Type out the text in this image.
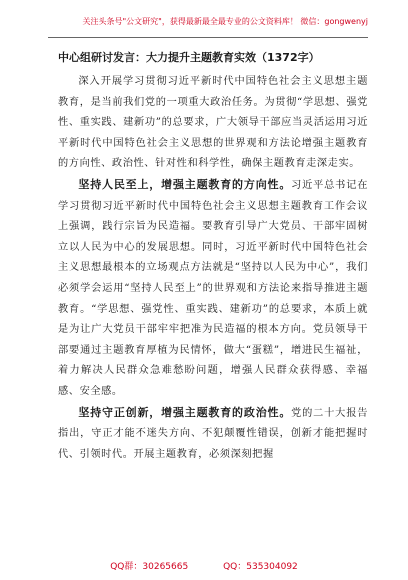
关注头条号"公文研究"，获得最新最全最专业的公文资料库！ 微信：gongwenyj
中心组研讨发言：大力提升主题教育实效（1372字）

深入开展学习贯彻习近平新时代中国特色社会主义思想主题教育，是当前我们党的一项重大政治任务。为贯彻“学思想、强党性、重实践、建新功”的总要求，广大领导干部应当灵活运用习近平新时代中国特色社会主义思想的世界观和方法论增强主题教育的方向性、政治性、针对性和科学性，确保主题教育走深走实。

坚持人民至上，增强主题教育的方向性。习近平总书记在学习贯彻习近平新时代中国特色社会主义思想主题教育工作会议上强调，践行宗旨为民造福。要教育引导广大党员、干部牢固树立以人民为中心的发展思想。同时，习近平新时代中国特色社会主义思想最根本的立场观点方法就是“坚持以人民为中心”，我们必须学会运用“坚持人民至上”的世界观和方法论来指导推进主题教育。“学思想、强党性、重实践、建新功”的总要求，本质上就是为让广大党员干部牢牢把准为民造福的根本方向。党员领导干部要通过主题教育厚植为民情怀，做大“蛋糕”，增进民生福祉，着力解决人民群众急难愁盼问题，增强人民群众获得感、幸福感、安全感。

坚持守正创新，增强主题教育的政治性。党的二十大报告指出，守正才能不迷失方向、不犯颠覆性错误，创新才能把握时代、引领时代。开展主题教育，必须深刻把握

QQ群：30265665	QQ：535304092
